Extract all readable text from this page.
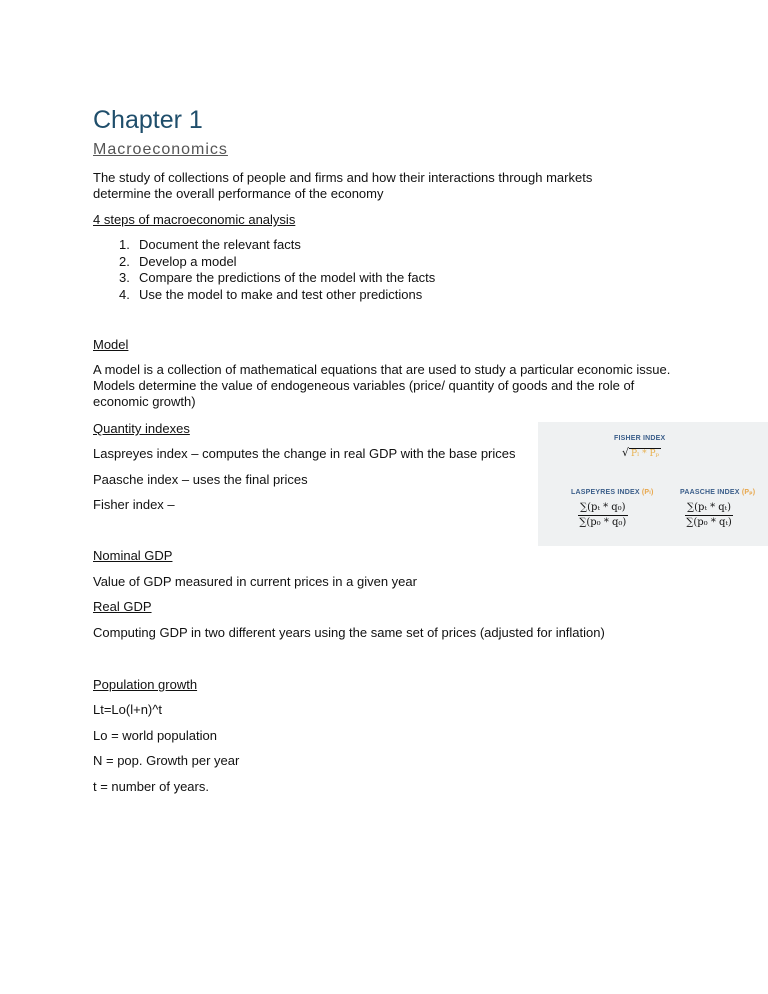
Chapter 1
Macroeconomics
The study of collections of people and firms and how their interactions through markets determine the overall performance of the economy
4 steps of macroeconomic analysis
1. Document the relevant facts
2. Develop a model
3. Compare the predictions of the model with the facts
4. Use the model to make and test other predictions
Model
A model is a collection of mathematical equations that are used to study a particular economic issue. Models determine the value of endogeneous variables (price/ quantity of goods and the role of economic growth)
Quantity indexes
Laspreyes index – computes the change in real GDP with the base prices
Paasche index – uses the final prices
Fisher index –
FISHER INDEX
√ Pₗ * Pₚ
LASPEYRES INDEX (Pₗ)	PAASCHE INDEX (Pₚ)
$\frac{\text{∑(pₜ * q₀)}}{\text{∑(p₀ * q₀)}}$	$\frac{\text{∑(pₜ * qₜ)}}{\text{∑(p₀ * qₜ)}}$
Nominal GDP
Value of GDP measured in current prices in a given year
Real GDP
Computing GDP in two different years using the same set of prices (adjusted for inflation)
Population growth
Lt=Lo(l+n)^t
Lo = world population
N = pop. Growth per year
t = number of years.
